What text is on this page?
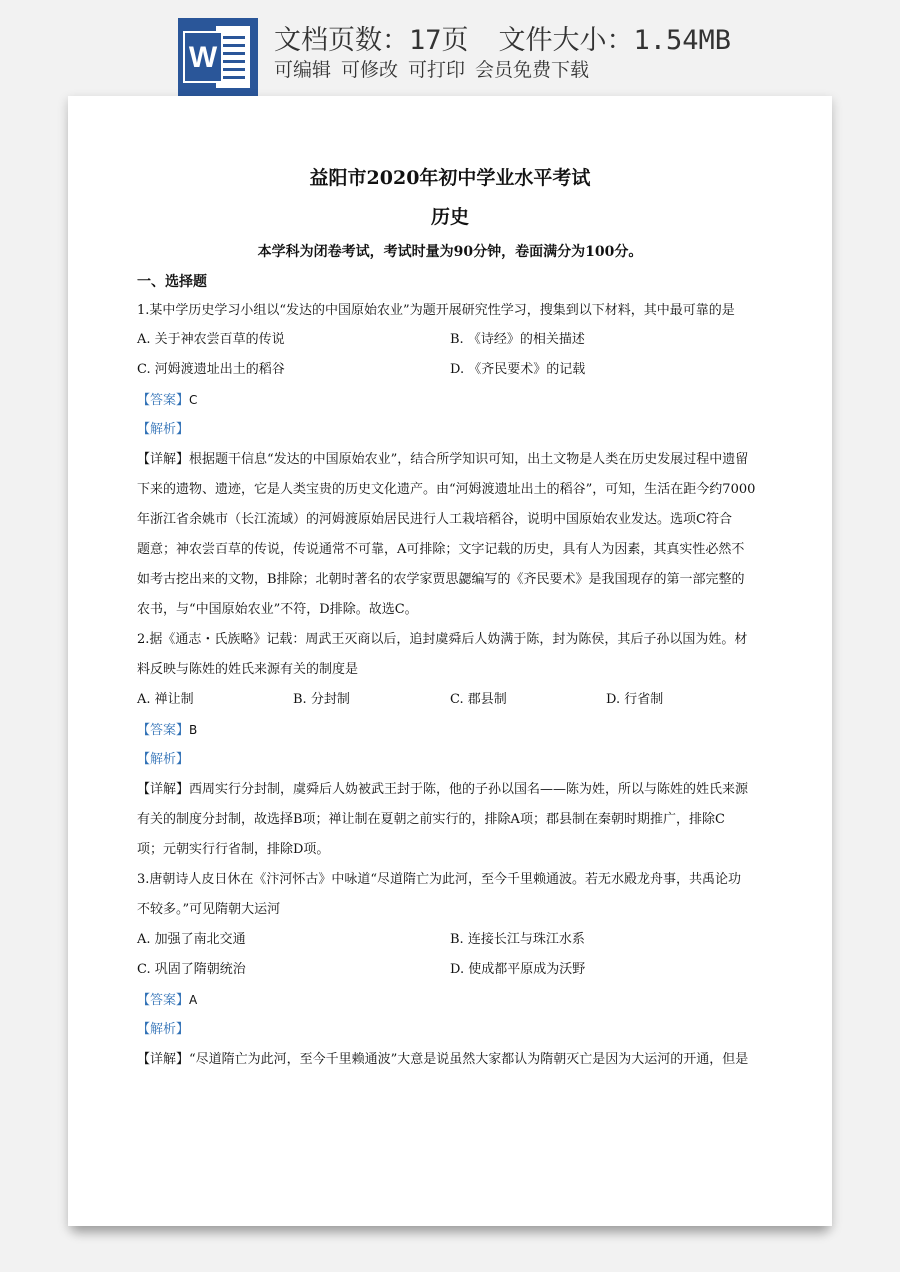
W
文档页数：17页 文件大小：1.54MB
可编辑 可修改 可打印 会员免费下载
益阳市2020年初中学业水平考试
历史
本学科为闭卷考试，考试时量为90分钟，卷面满分为100分。
一、选择题
1.某中学历史学习小组以“发达的中国原始农业”为题开展研究性学习，搜集到以下材料，其中最可靠的是
A. 关于神农尝百草的传说	B. 《诗经》的相关描述
C. 河姆渡遗址出土的稻谷	D. 《齐民要术》的记载
【答案】C
【解析】
【详解】根据题干信息“发达的中国原始农业”，结合所学知识可知，出土文物是人类在历史发展过程中遗留
下来的遗物、遗迹，它是人类宝贵的历史文化遗产。由“河姆渡遗址出土的稻谷”，可知，生活在距今约7000
年浙江省余姚市（长江流域）的河姆渡原始居民进行人工栽培稻谷，说明中国原始农业发达。选项C符合
题意；神农尝百草的传说，传说通常不可靠，A可排除；文字记载的历史，具有人为因素，其真实性必然不
如考古挖出来的文物，B排除；北朝时著名的农学家贾思勰编写的《齐民要术》是我国现存的第一部完整的
农书，与“中国原始农业”不符，D排除。故选C。
2.据《通志・氏族略》记载：周武王灭商以后，追封虞舜后人妫满于陈，封为陈侯，其后子孙以国为姓。材
料反映与陈姓的姓氏来源有关的制度是
A. 禅让制	B. 分封制	C. 郡县制	D. 行省制
【答案】B
【解析】
【详解】西周实行分封制，虞舜后人妫被武王封于陈，他的子孙以国名——陈为姓，所以与陈姓的姓氏来源
有关的制度分封制，故选择B项；禅让制在夏朝之前实行的，排除A项；郡县制在秦朝时期推广，排除C
项；元朝实行行省制，排除D项。
3.唐朝诗人皮日休在《汴河怀古》中咏道“尽道隋亡为此河，至今千里赖通波。若无水殿龙舟事，共禹论功
不较多。”可见隋朝大运河
A. 加强了南北交通	B. 连接长江与珠江水系
C. 巩固了隋朝统治	D. 使成都平原成为沃野
【答案】A
【解析】
【详解】“尽道隋亡为此河，至今千里赖通波”大意是说虽然大家都认为隋朝灭亡是因为大运河的开通，但是
